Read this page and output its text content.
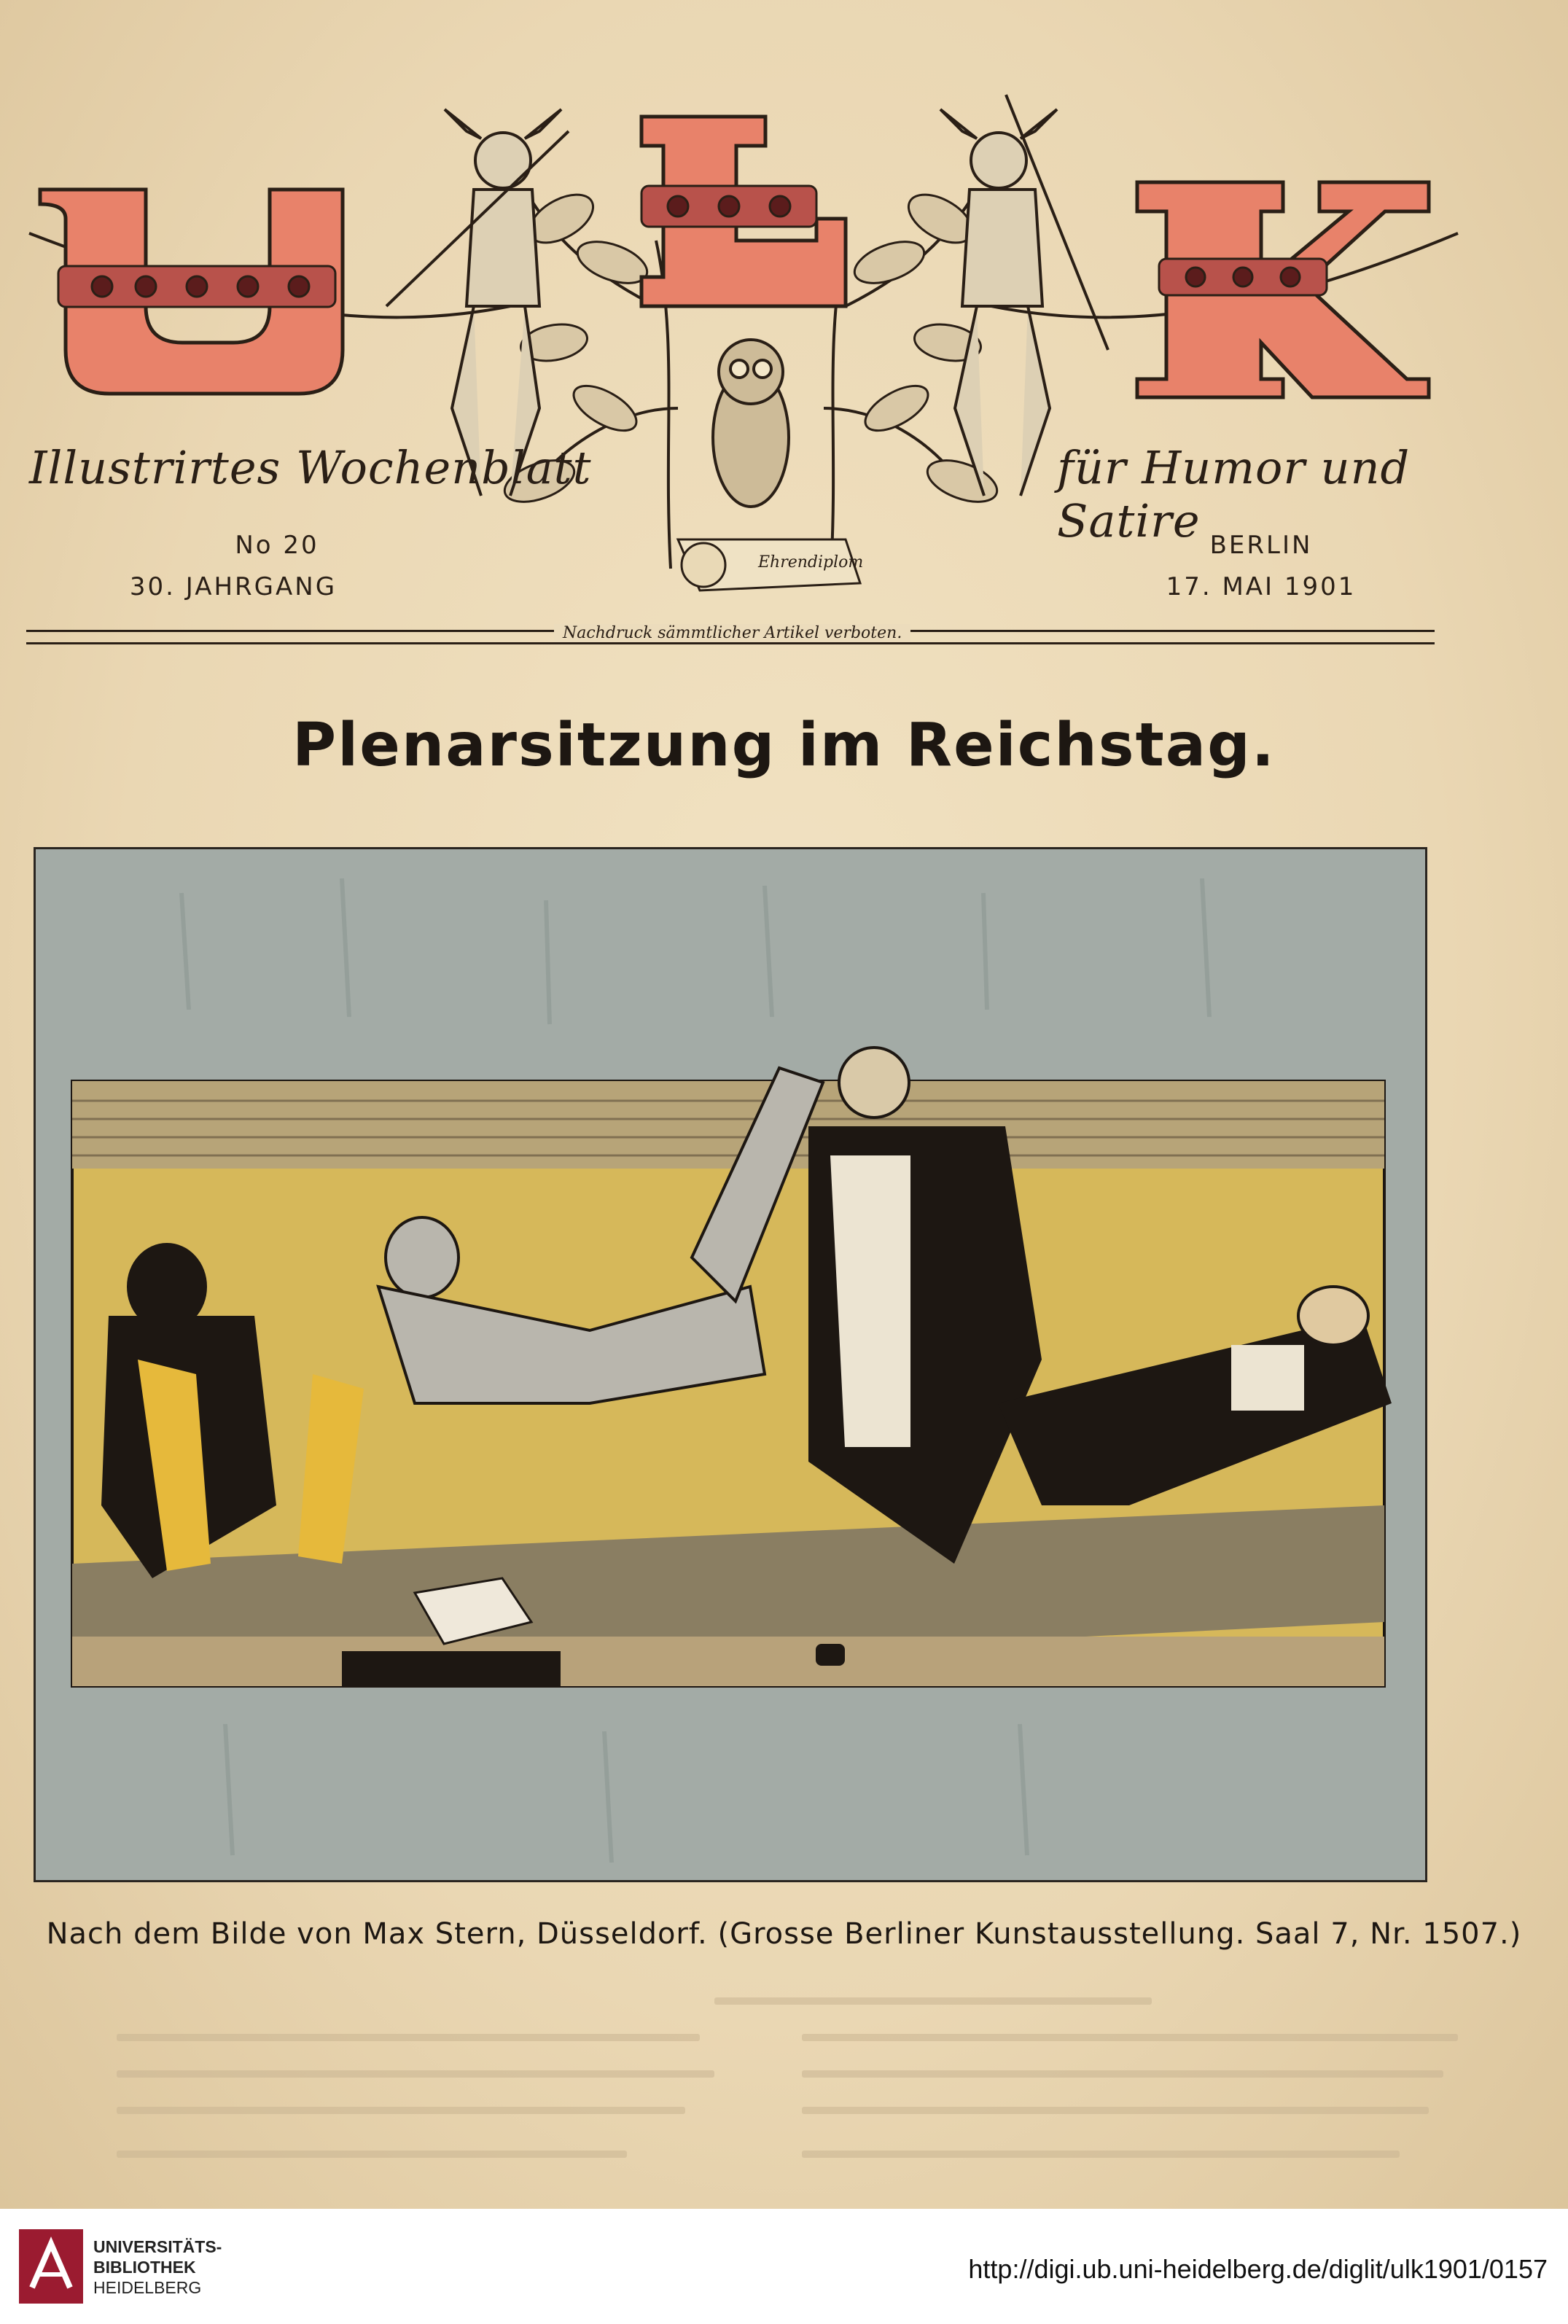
Ehrendiplom
U
Illustrirtes Wochenblatt	für Humor und Satire
No 20
30. JAHRGANG
BERLIN
17. MAI 1901
Nachdruck sämmtlicher Artikel verboten.
Plenarsitzung im Reichstag.
Nach dem Bilde von Max Stern, Düsseldorf. (Grosse Berliner Kunstausstellung. Saal 7, Nr. 1507.)
UNIVERSITÄTS-
BIBLIOTHEK
HEIDELBERG
http://digi.ub.uni-heidelberg.de/diglit/ulk1901/0157
